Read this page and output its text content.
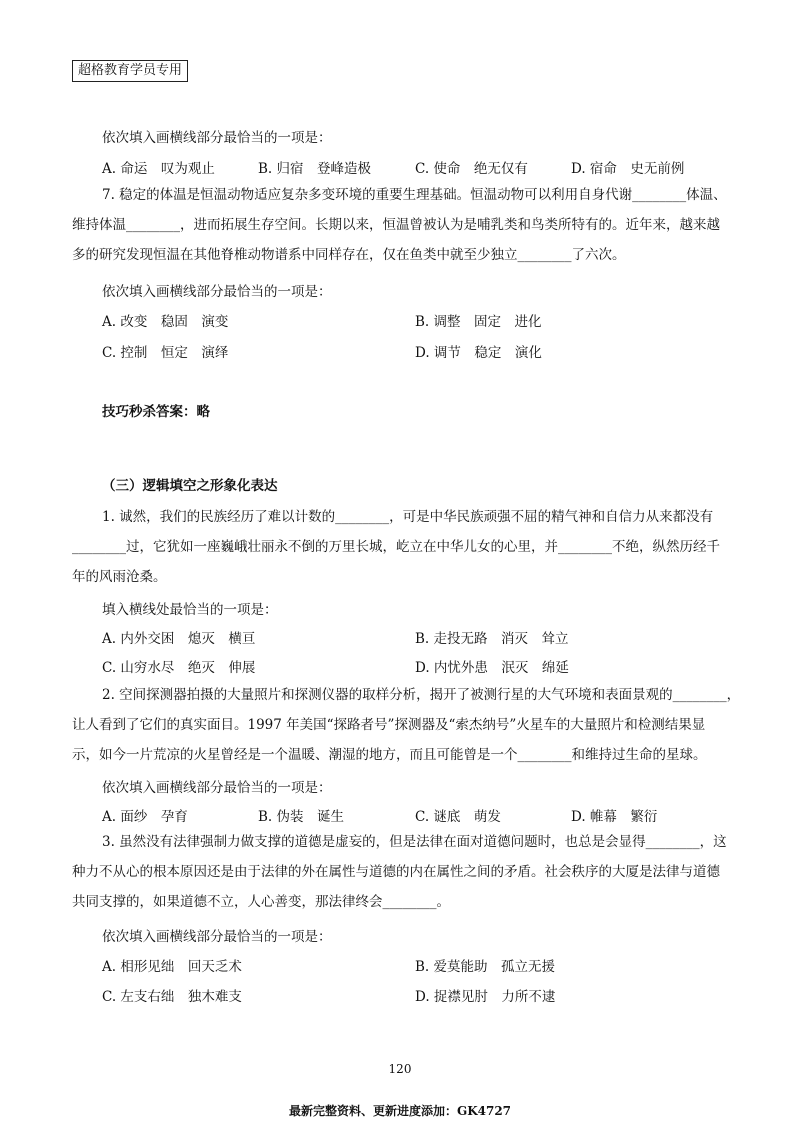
超格教育学员专用
依次填入画横线部分最恰当的一项是：
A. 命运　叹为观止	B. 归宿　登峰造极	C. 使命　绝无仅有	D. 宿命　史无前例
7. 稳定的体温是恒温动物适应复杂多变环境的重要生理基础。恒温动物可以利用自身代谢________体温、
维持体温________，进而拓展生存空间。长期以来，恒温曾被认为是哺乳类和鸟类所特有的。近年来，越来越
多的研究发现恒温在其他脊椎动物谱系中同样存在，仅在鱼类中就至少独立________了六次。
依次填入画横线部分最恰当的一项是：
A. 改变　稳固　演变	B. 调整　固定　进化
C. 控制　恒定　演绎	D. 调节　稳定　演化
技巧秒杀答案：略
（三）逻辑填空之形象化表达
1. 诚然，我们的民族经历了难以计数的________，可是中华民族顽强不屈的精气神和自信力从来都没有
________过，它犹如一座巍峨壮丽永不倒的万里长城，屹立在中华儿女的心里，并________不绝，纵然历经千
年的风雨沧桑。
填入横线处最恰当的一项是：
A. 内外交困　熄灭　横亘	B. 走投无路　消灭　耸立
C. 山穷水尽　绝灭　伸展	D. 内忧外患　泯灭　绵延
2. 空间探测器拍摄的大量照片和探测仪器的取样分析，揭开了被测行星的大气环境和表面景观的________，
让人看到了它们的真实面目。1997 年美国“探路者号”探测器及“索杰纳号”火星车的大量照片和检测结果显
示，如今一片荒凉的火星曾经是一个温暖、潮湿的地方，而且可能曾是一个________和维持过生命的星球。
依次填入画横线部分最恰当的一项是：
A. 面纱　孕育	B. 伪装　诞生	C. 谜底　萌发	D. 帷幕　繁衍
3. 虽然没有法律强制力做支撑的道德是虚妄的，但是法律在面对道德问题时，也总是会显得________，这
种力不从心的根本原因还是由于法律的外在属性与道德的内在属性之间的矛盾。社会秩序的大厦是法律与道德
共同支撑的，如果道德不立，人心善变，那法律终会________。
依次填入画横线部分最恰当的一项是：
A. 相形见绌　回天乏术	B. 爱莫能助　孤立无援
C. 左支右绌　独木难支	D. 捉襟见肘　力所不逮
120
最新完整资料、更新进度添加：GK4727
